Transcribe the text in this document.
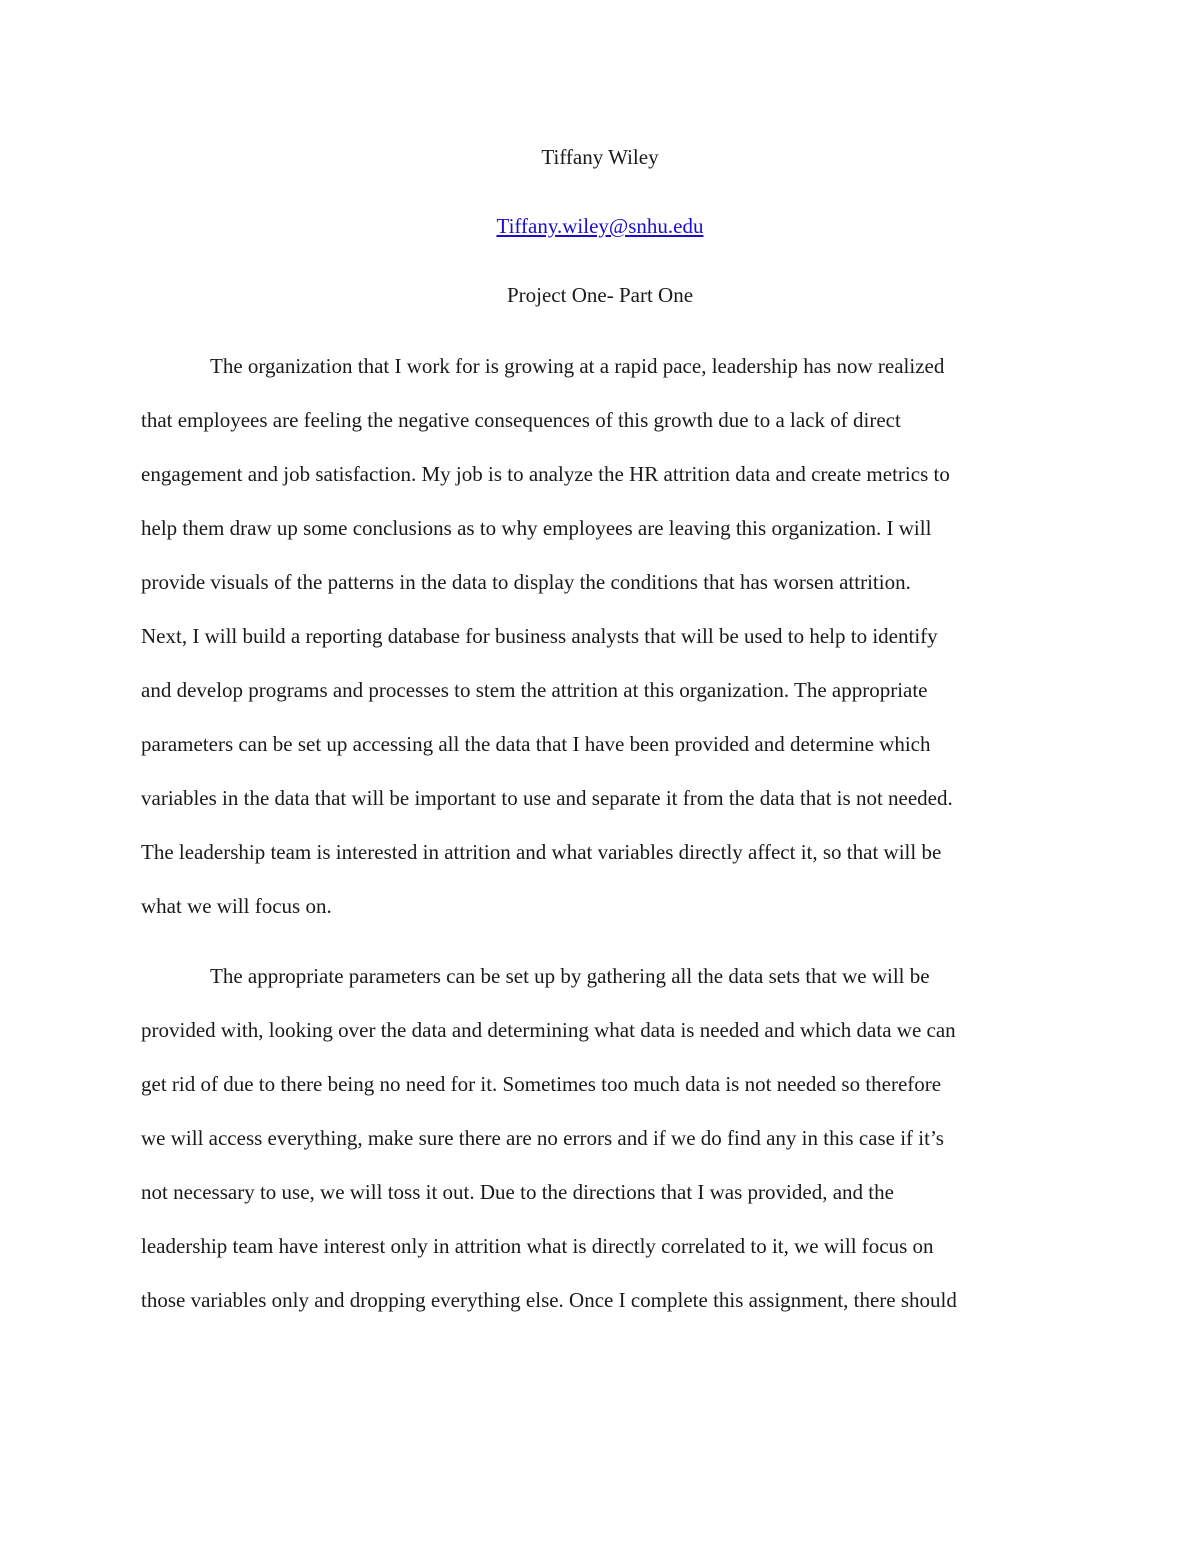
Tiffany Wiley

Tiffany.wiley@snhu.edu

Project One- Part One

The organization that I work for is growing at a rapid pace, leadership has now realized

that employees are feeling the negative consequences of this growth due to a lack of direct

engagement and job satisfaction. My job is to analyze the HR attrition data and create metrics to

help them draw up some conclusions as to why employees are leaving this organization. I will

provide visuals of the patterns in the data to display the conditions that has worsen attrition.

Next, I will build a reporting database for business analysts that will be used to help to identify

and develop programs and processes to stem the attrition at this organization. The appropriate

parameters can be set up accessing all the data that I have been provided and determine which

variables in the data that will be important to use and separate it from the data that is not needed.

The leadership team is interested in attrition and what variables directly affect it, so that will be

what we will focus on.

The appropriate parameters can be set up by gathering all the data sets that we will be

provided with, looking over the data and determining what data is needed and which data we can

get rid of due to there being no need for it. Sometimes too much data is not needed so therefore

we will access everything, make sure there are no errors and if we do find any in this case if it’s

not necessary to use, we will toss it out. Due to the directions that I was provided, and the

leadership team have interest only in attrition what is directly correlated to it, we will focus on

those variables only and dropping everything else. Once I complete this assignment, there should
